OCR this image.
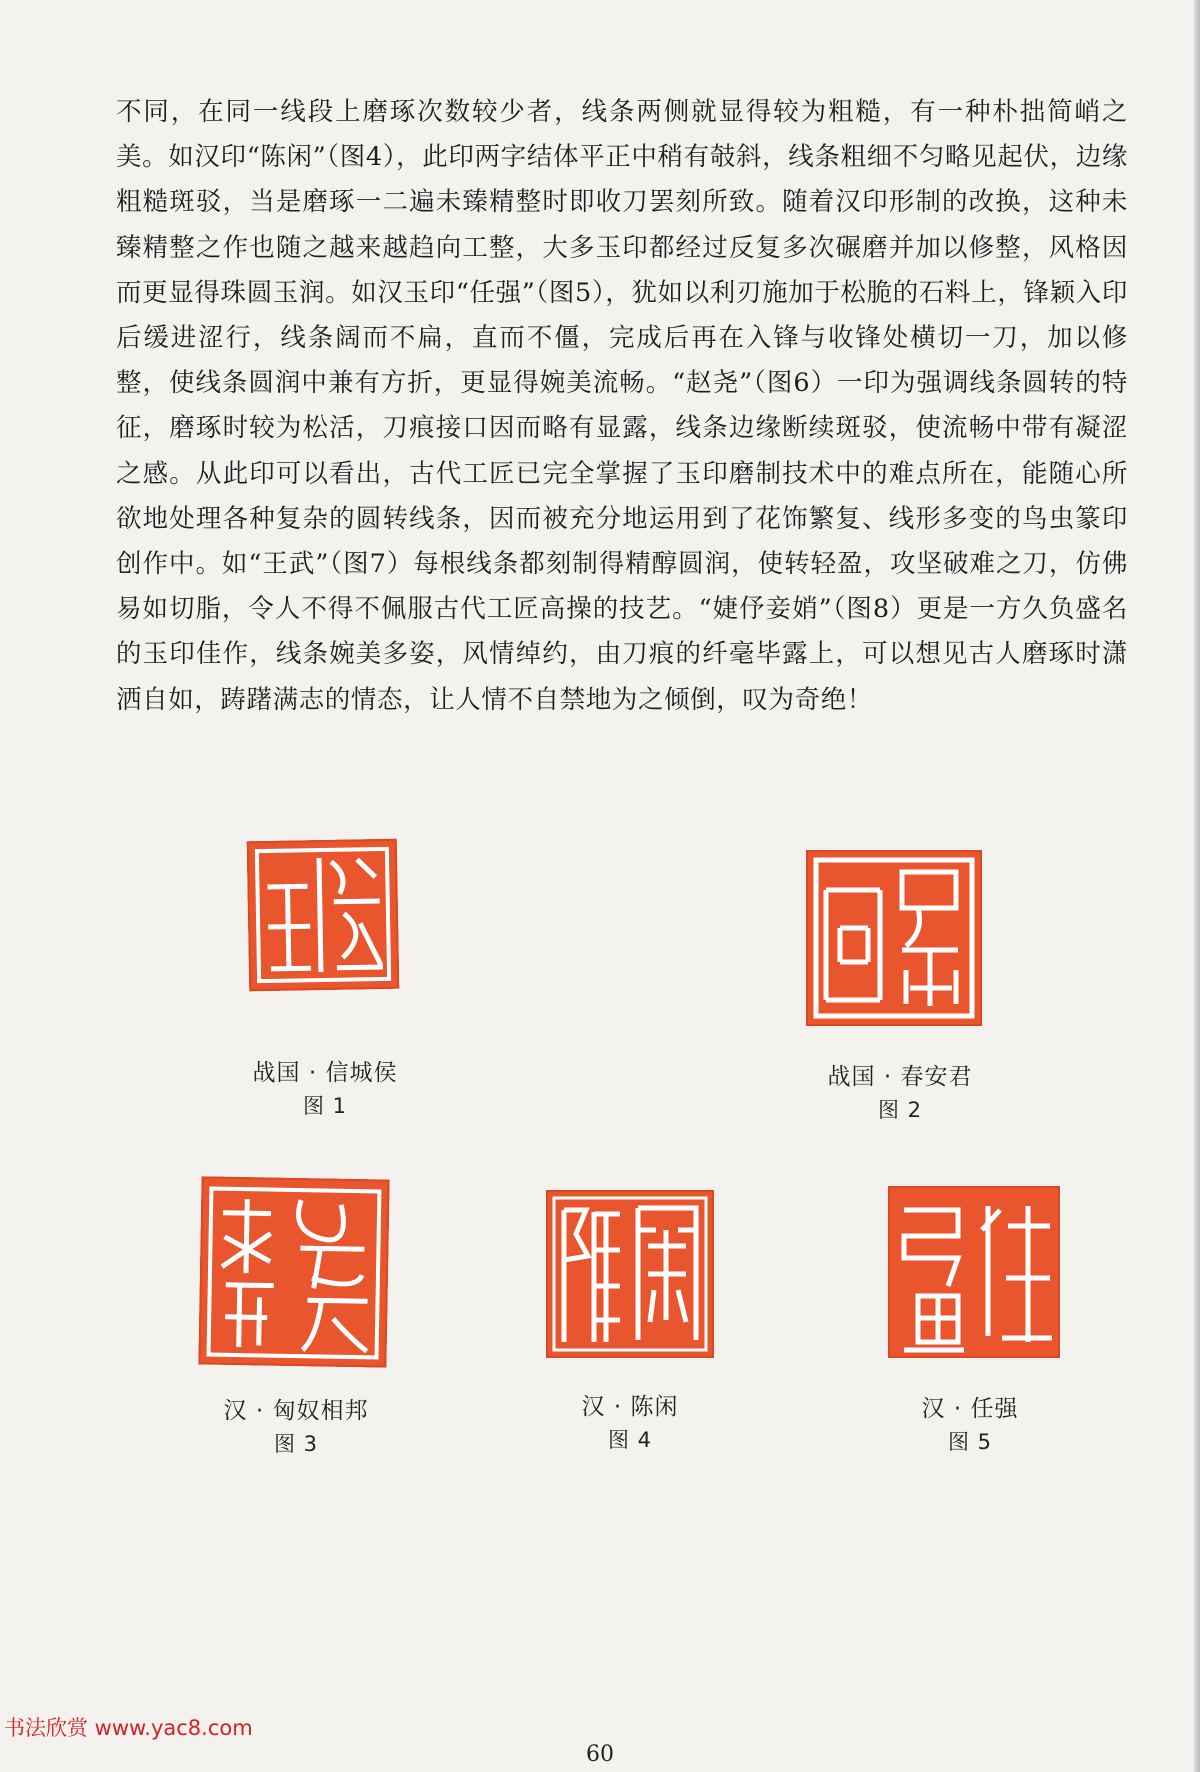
不同，在同一线段上磨琢次数较少者，线条两侧就显得较为粗糙，有一种朴拙简峭之美。如汉印“陈闲”（图4），此印两字结体平正中稍有攲斜，线条粗细不匀略见起伏，边缘粗糙斑驳，当是磨琢一二遍未臻精整时即收刀罢刻所致。随着汉印形制的改换，这种未臻精整之作也随之越来越趋向工整，大多玉印都经过反复多次碾磨并加以修整，风格因而更显得珠圆玉润。如汉玉印“任强”（图5），犹如以利刃施加于松脆的石料上，锋颖入印后缓进涩行，线条阔而不扁，直而不僵，完成后再在入锋与收锋处横切一刀，加以修整，使线条圆润中兼有方折，更显得婉美流畅。“赵尧”（图6）一印为强调线条圆转的特征，磨琢时较为松活，刀痕接口因而略有显露，线条边缘断续斑驳，使流畅中带有凝涩之感。从此印可以看出，古代工匠已完全掌握了玉印磨制技术中的难点所在，能随心所欲地处理各种复杂的圆转线条，因而被充分地运用到了花饰繁复、线形多变的鸟虫篆印创作中。如“王武”（图7）每根线条都刻制得精醇圆润，使转轻盈，攻坚破难之刀，仿佛易如切脂，令人不得不佩服古代工匠高操的技艺。“婕伃妾娋”（图8）更是一方久负盛名的玉印佳作，线条婉美多姿，风情绰约，由刀痕的纤毫毕露上，可以想见古人磨琢时潇洒自如，踌躇满志的情态，让人情不自禁地为之倾倒，叹为奇绝！

战国 · 信城侯
图 1
战国 · 春安君
图 2
汉 · 匈奴相邦
图 3
汉 · 陈闲
图 4
汉 · 任强
图 5
书法欣赏 www.yac8.com
60
